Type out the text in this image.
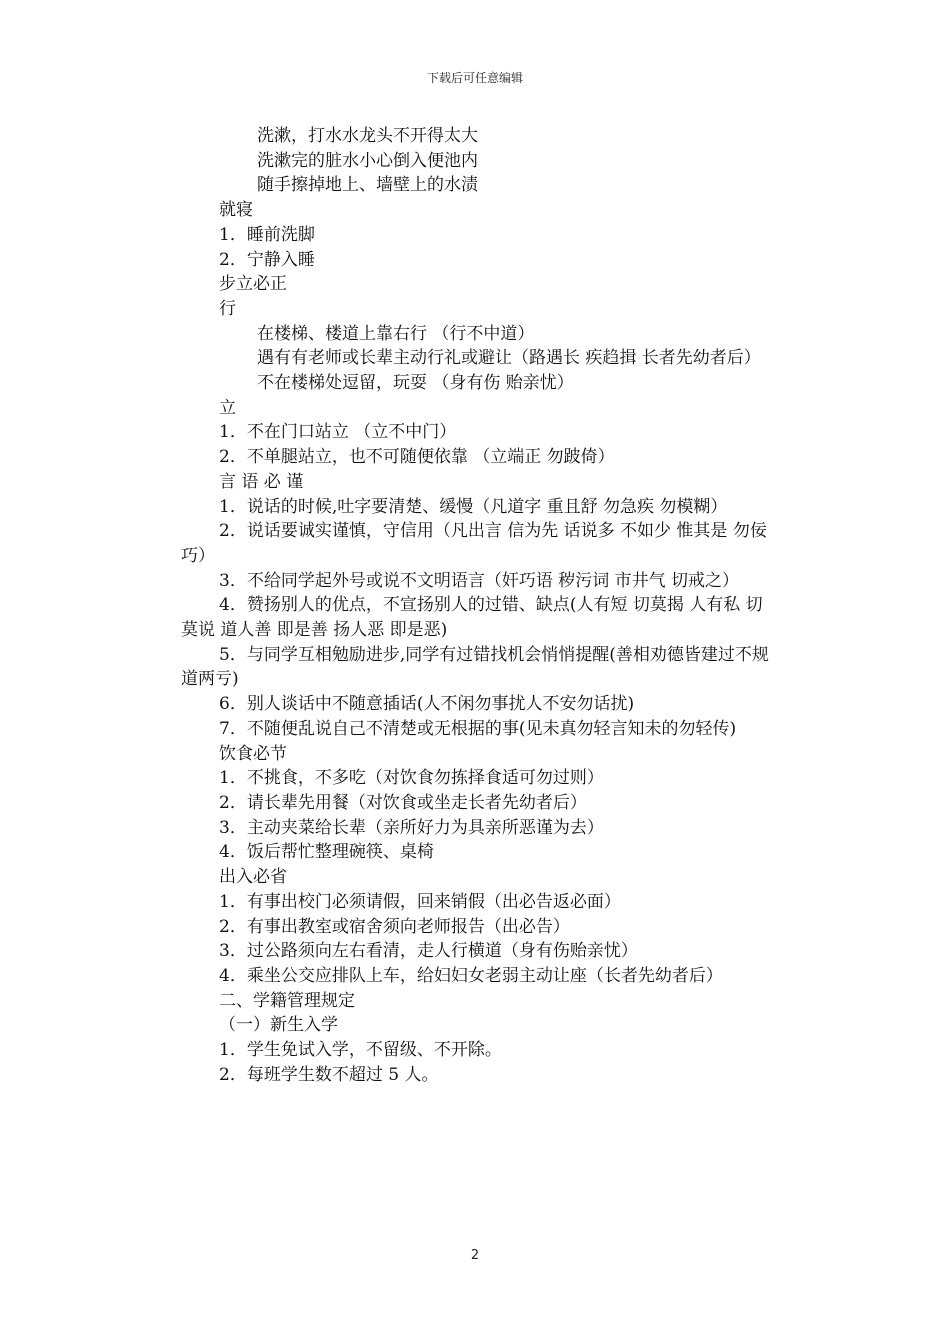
下载后可任意编辑

洗漱，打水水龙头不开得太大

洗漱完的脏水小心倒入便池内

随手擦掉地上、墙壁上的水渍

就寝

1．睡前洗脚

2．宁静入睡

步立必正

行

在楼梯、楼道上靠右行 （行不中道）

遇有有老师或长辈主动行礼或避让（路遇长 疾趋揖 长者先幼者后）

不在楼梯处逗留，玩耍 （身有伤 贻亲忧）

立

1．不在门口站立 （立不中门）

2．不单腿站立，也不可随便依靠 （立端正 勿跛倚）

言 语 必 谨

1．说话的时候,吐字要清楚、缓慢（凡道字 重且舒 勿急疾 勿模糊）

2．说话要诚实谨慎，守信用（凡出言 信为先 话说多 不如少 惟其是 勿佞巧）

3．不给同学起外号或说不文明语言（奸巧语 秽污词 市井气 切戒之）

4．赞扬别人的优点，不宣扬别人的过错、缺点(人有短 切莫揭 人有私 切莫说 道人善 即是善 扬人恶 即是恶)

5．与同学互相勉励进步,同学有过错找机会悄悄提醒(善相劝德皆建过不规道两亏)

6．别人谈话中不随意插话(人不闲勿事扰人不安勿话扰)

7．不随便乱说自己不清楚或无根据的事(见未真勿轻言知未的勿轻传)

饮食必节

1．不挑食，不多吃（对饮食勿拣择食适可勿过则）

2．请长辈先用餐（对饮食或坐走长者先幼者后）

3．主动夹菜给长辈（亲所好力为具亲所恶谨为去）

4．饭后帮忙整理碗筷、桌椅

出入必省

1．有事出校门必须请假，回来销假（出必告返必面）

2．有事出教室或宿舍须向老师报告（出必告）

3．过公路须向左右看清，走人行横道（身有伤贻亲忧）

4．乘坐公交应排队上车，给妇妇女老弱主动让座（长者先幼者后）

二、学籍管理规定

（一）新生入学

1．学生免试入学，不留级、不开除。

2．每班学生数不超过 5 人。

2
